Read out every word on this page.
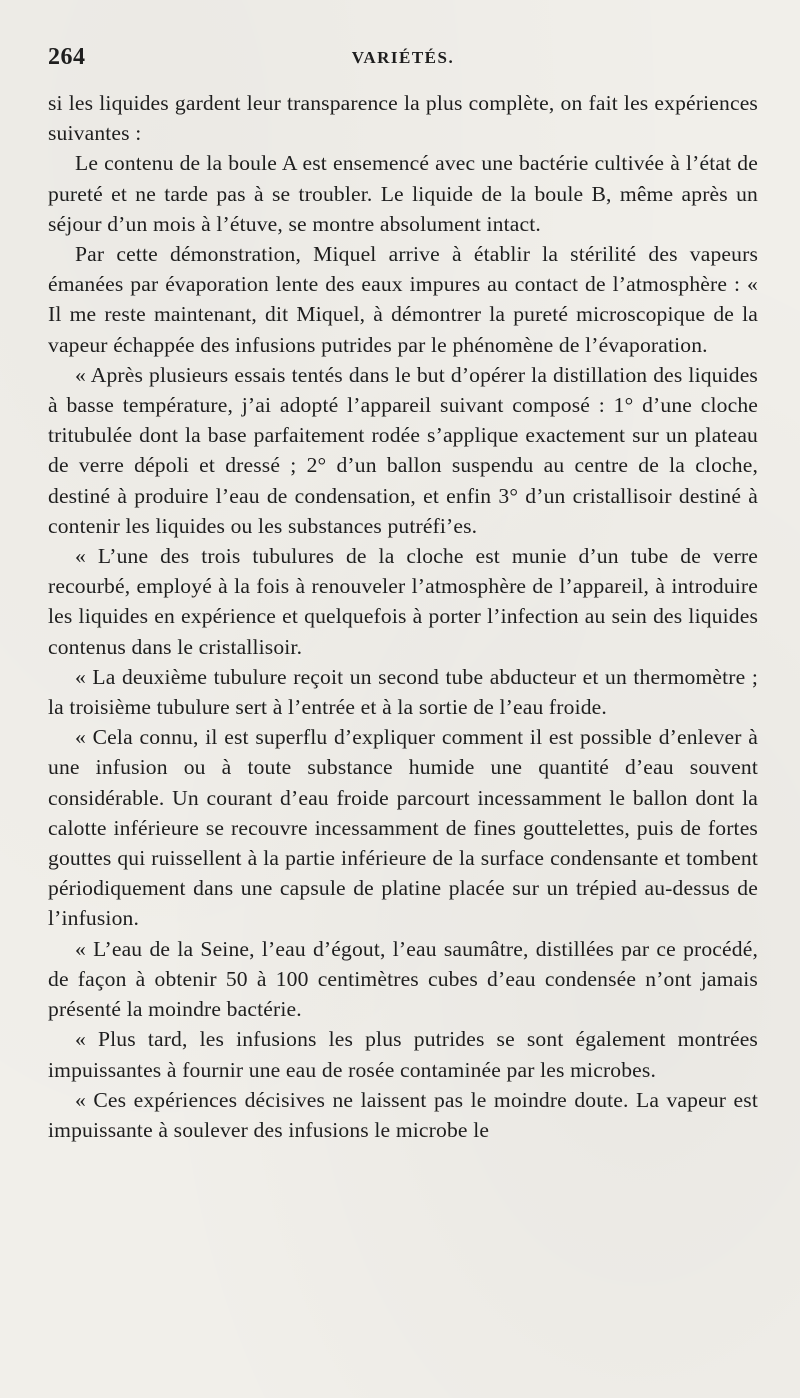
264	VARIÉTÉS.

si les liquides gardent leur transparence la plus complète, on fait les expériences suivantes :

Le contenu de la boule A est ensemencé avec une bactérie cultivée à l’état de pureté et ne tarde pas à se troubler. Le liquide de la boule B, même après un séjour d’un mois à l’étuve, se montre absolument intact.

Par cette démonstration, Miquel arrive à établir la stérilité des vapeurs émanées par évaporation lente des eaux impures au contact de l’atmosphère : « Il me reste maintenant, dit Miquel, à démontrer la pureté microscopique de la vapeur échappée des infusions putrides par le phénomène de l’évaporation.

« Après plusieurs essais tentés dans le but d’opérer la distillation des liquides à basse température, j’ai adopté l’appareil suivant composé : 1° d’une cloche tritubulée dont la base parfaitement rodée s’applique exactement sur un plateau de verre dépoli et dressé ; 2° d’un ballon suspendu au centre de la cloche, destiné à produire l’eau de condensation, et enfin 3° d’un cristallisoir destiné à contenir les liquides ou les substances putréfi’es.

« L’une des trois tubulures de la cloche est munie d’un tube de verre recourbé, employé à la fois à renouveler l’atmosphère de l’appareil, à introduire les liquides en expérience et quelquefois à porter l’infection au sein des liquides contenus dans le cristallisoir.

« La deuxième tubulure reçoit un second tube abducteur et un thermomètre ; la troisième tubulure sert à l’entrée et à la sortie de l’eau froide.

« Cela connu, il est superflu d’expliquer comment il est possible d’enlever à une infusion ou à toute substance humide une quantité d’eau souvent considérable. Un courant d’eau froide parcourt incessamment le ballon dont la calotte inférieure se recouvre incessamment de fines gouttelettes, puis de fortes gouttes qui ruissellent à la partie inférieure de la surface condensante et tombent périodiquement dans une capsule de platine placée sur un trépied au-dessus de l’infusion.

« L’eau de la Seine, l’eau d’égout, l’eau saumâtre, distillées par ce procédé, de façon à obtenir 50 à 100 centimètres cubes d’eau condensée n’ont jamais présenté la moindre bactérie.

« Plus tard, les infusions les plus putrides se sont également montrées impuissantes à fournir une eau de rosée contaminée par les microbes.

« Ces expériences décisives ne laissent pas le moindre doute. La vapeur est impuissante à soulever des infusions le microbe le
